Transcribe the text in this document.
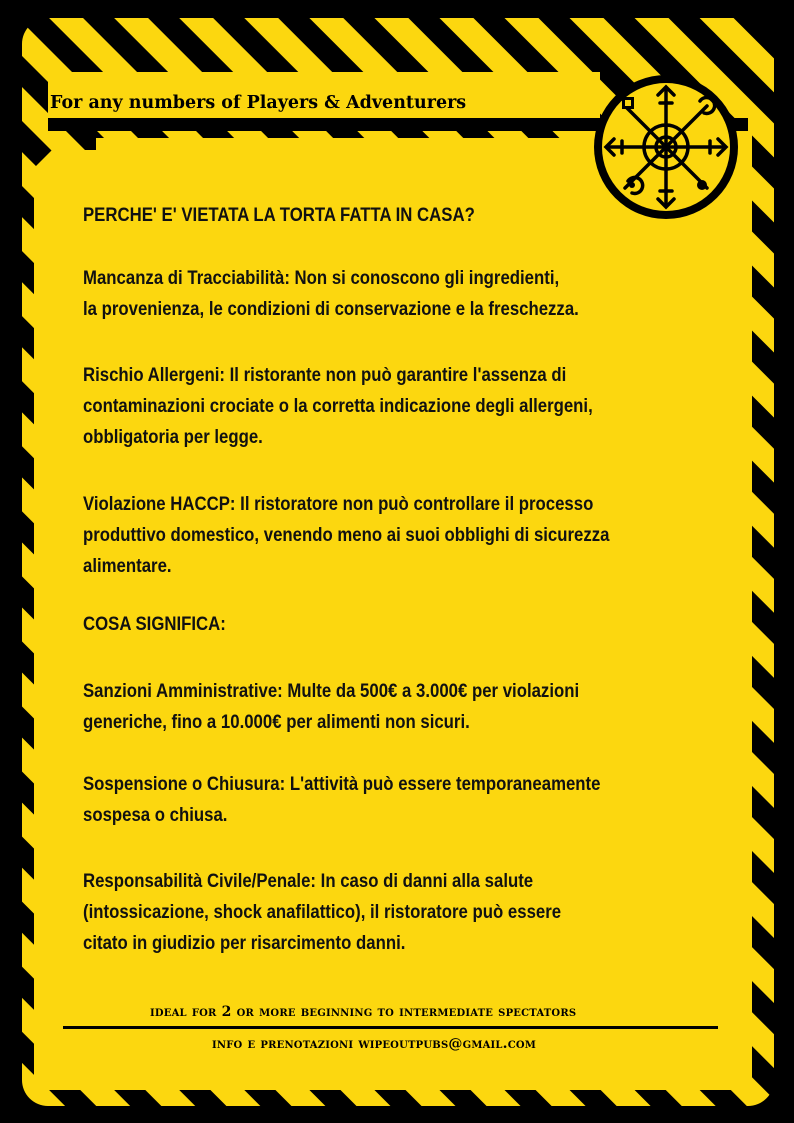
For any numbers of Players & Adventurers

PERCHE' E' VIETATA LA TORTA FATTA IN CASA?

Mancanza di Tracciabilità: Non si conoscono gli ingredienti,

la provenienza, le condizioni di conservazione e la freschezza.

Rischio Allergeni: Il ristorante non può garantire l'assenza di

contaminazioni crociate o la corretta indicazione degli allergeni,

obbligatoria per legge.

Violazione HACCP: Il ristoratore non può controllare il processo

produttivo domestico, venendo meno ai suoi obblighi di sicurezza

alimentare.

COSA SIGNIFICA:

Sanzioni Amministrative: Multe da 500€ a 3.000€ per violazioni

generiche, fino a 10.000€ per alimenti non sicuri.

Sospensione o Chiusura: L'attività può essere temporaneamente

sospesa o chiusa.

Responsabilità Civile/Penale: In caso di danni alla salute

(intossicazione, shock anafilattico), il ristoratore può essere

citato in giudizio per risarcimento danni.

ideal for 2 or more beginning to intermediate spectators

info e prenotazioni wipeoutpubs@gmail.com
